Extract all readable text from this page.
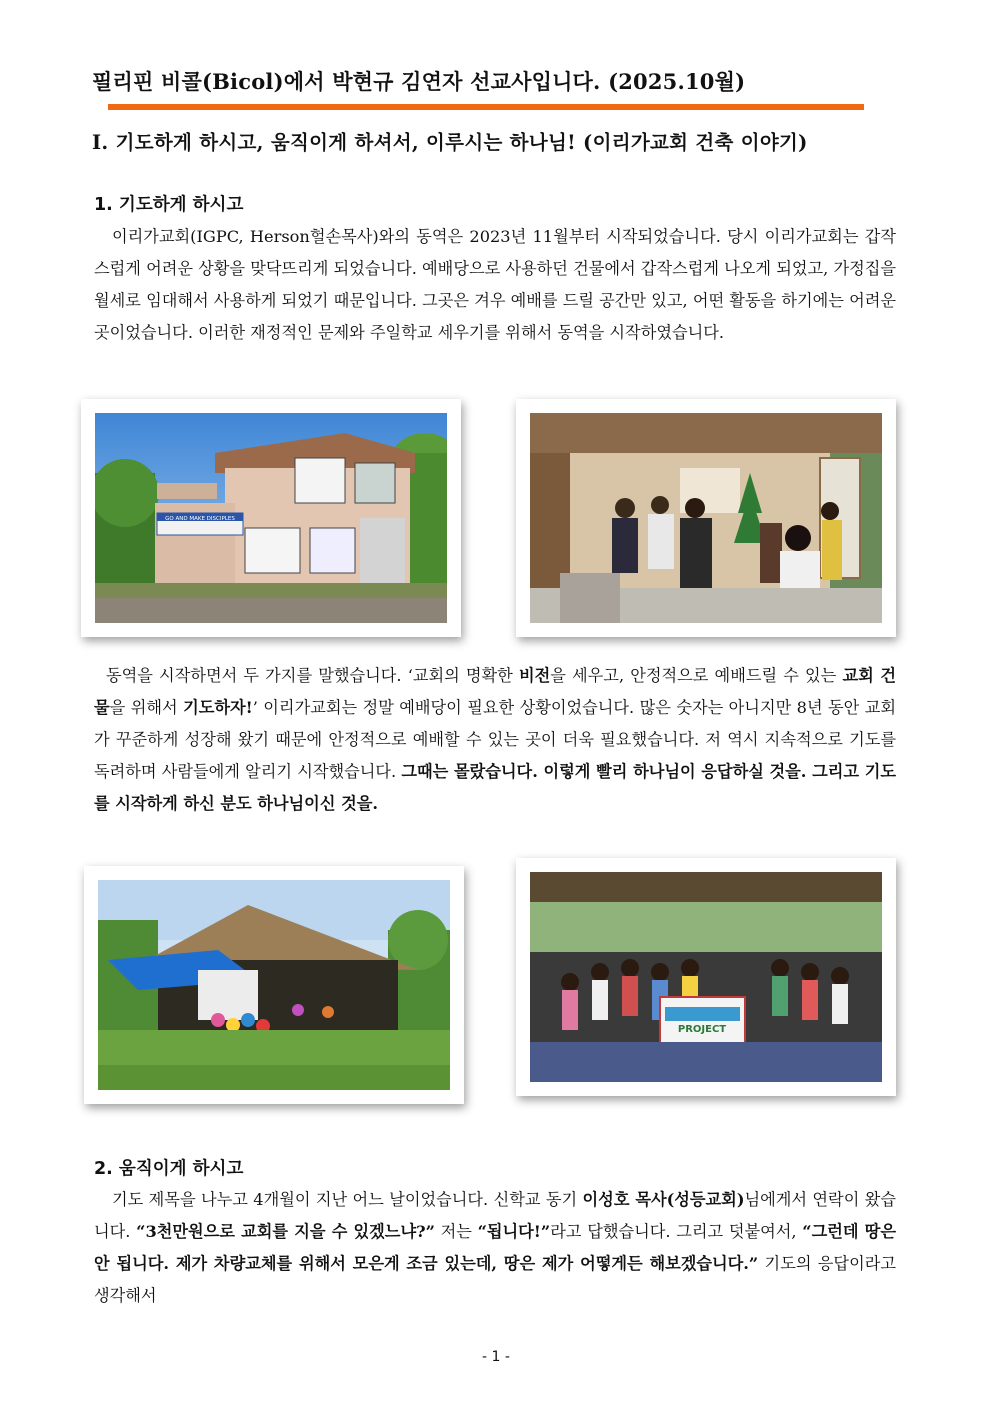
필리핀 비콜(Bicol)에서 박현규 김연자 선교사입니다. (2025.10월)
Ⅰ. 기도하게 하시고, 움직이게 하셔서, 이루시는 하나님! (이리가교회 건축 이야기)
1. 기도하게 하시고

이리가교회(IGPC, Herson헐손목사)와의 동역은 2023년 11월부터 시작되었습니다. 당시 이리가교회는 갑작스럽게 어려운 상황을 맞닥뜨리게 되었습니다. 예배당으로 사용하던 건물에서 갑작스럽게 나오게 되었고, 가정집을 월세로 임대해서 사용하게 되었기 때문입니다. 그곳은 겨우 예배를 드릴 공간만 있고, 어떤 활동을 하기에는 어려운 곳이었습니다. 이러한 재정적인 문제와 주일학교 세우기를 위해서 동역을 시작하였습니다.

GO AND MAKE DISCIPLES

동역을 시작하면서 두 가지를 말했습니다. ‘교회의 명확한 비전을 세우고, 안정적으로 예배드릴 수 있는 교회 건물을 위해서 기도하자!’ 이리가교회는 정말 예배당이 필요한 상황이었습니다. 많은 숫자는 아니지만 8년 동안 교회가 꾸준하게 성장해 왔기 때문에 안정적으로 예배할 수 있는 곳이 더욱 필요했습니다. 저 역시 지속적으로 기도를 독려하며 사람들에게 알리기 시작했습니다. 그때는 몰랐습니다. 이렇게 빨리 하나님이 응답하실 것을. 그리고 기도를 시작하게 하신 분도 하나님이신 것을.

PROJECT
2. 움직이게 하시고

기도 제목을 나누고 4개월이 지난 어느 날이었습니다. 신학교 동기 이성호 목사(성등교회)님에게서 연락이 왔습니다. “3천만원으로 교회를 지을 수 있겠느냐?” 저는 “됩니다!”라고 답했습니다. 그리고 덧붙여서, “그런데 땅은 안 됩니다. 제가 차량교체를 위해서 모은게 조금 있는데, 땅은 제가 어떻게든 해보겠습니다.” 기도의 응답이라고 생각해서

- 1 -
